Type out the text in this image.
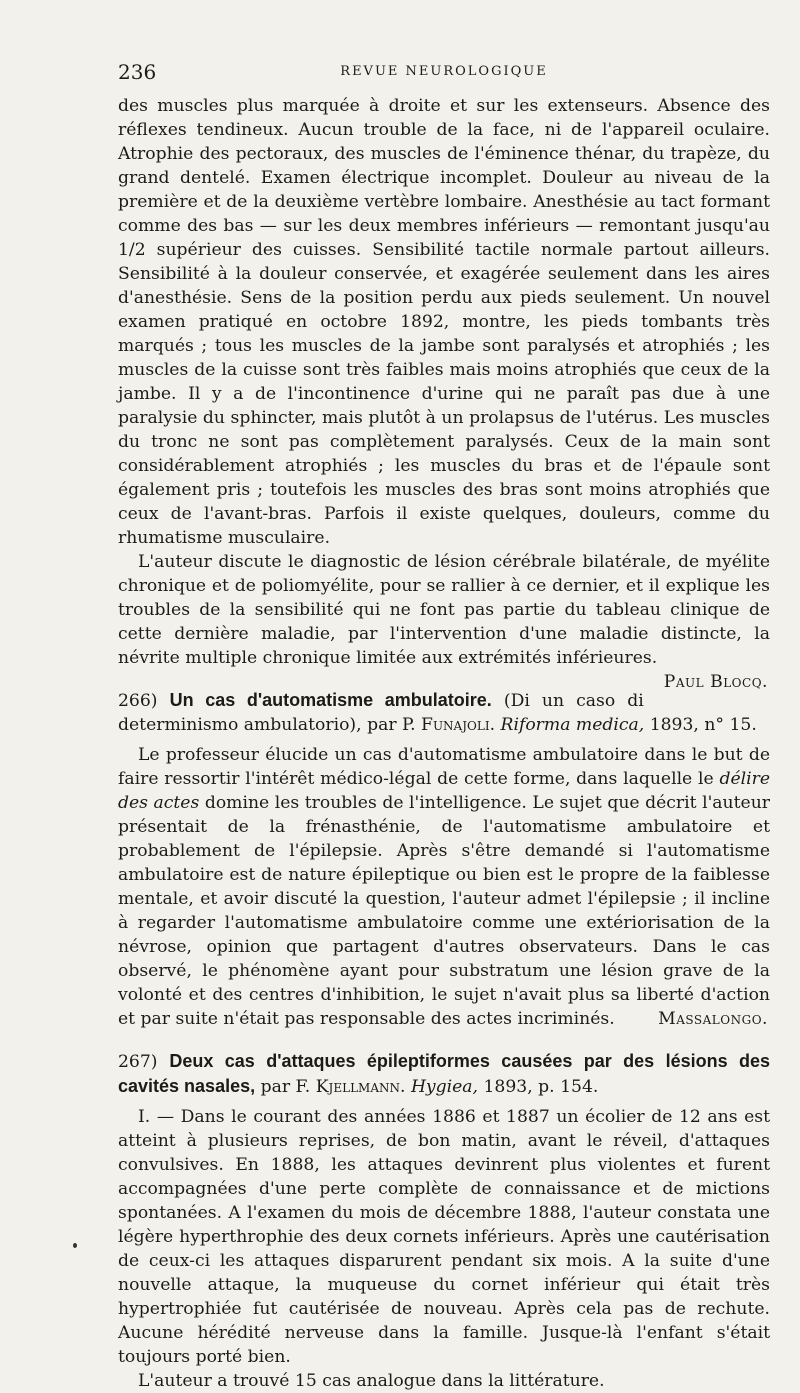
236	REVUE NEUROLOGIQUE

des muscles plus marquée à droite et sur les extenseurs. Absence des réflexes tendineux. Aucun trouble de la face, ni de l'appareil oculaire. Atrophie des pectoraux, des muscles de l'éminence thénar, du trapèze, du grand dentelé. Examen électrique incomplet. Douleur au niveau de la première et de la deuxième vertèbre lombaire. Anesthésie au tact formant comme des bas — sur les deux membres inférieurs — remontant jusqu'au 1/2 supérieur des cuisses. Sensibilité tactile normale partout ailleurs. Sensibilité à la douleur conservée, et exagérée seulement dans les aires d'anesthésie. Sens de la position perdu aux pieds seulement. Un nouvel examen pratiqué en octobre 1892, montre, les pieds tombants très marqués ; tous les muscles de la jambe sont paralysés et atrophiés ; les muscles de la cuisse sont très faibles mais moins atrophiés que ceux de la jambe. Il y a de l'incontinence d'urine qui ne paraît pas due à une paralysie du sphincter, mais plutôt à un prolapsus de l'utérus. Les muscles du tronc ne sont pas complètement paralysés. Ceux de la main sont considérablement atrophiés ; les muscles du bras et de l'épaule sont également pris ; toutefois les muscles des bras sont moins atrophiés que ceux de l'avant-bras. Parfois il existe quelques, douleurs, comme du rhumatisme musculaire.

L'auteur discute le diagnostic de lésion cérébrale bilatérale, de myélite chronique et de poliomyélite, pour se rallier à ce dernier, et il explique les troubles de la sensibilité qui ne font pas partie du tableau clinique de cette dernière maladie, par l'intervention d'une maladie distincte, la névrite multiple chronique limitée aux extrémités inférieures.
Paul Blocq.

266) Un cas d'automatisme ambulatoire. (Di un caso di determinismo ambulatorio), par P. Funajoli. Riforma medica, 1893, n° 15.

Le professeur élucide un cas d'automatisme ambulatoire dans le but de faire ressortir l'intérêt médico-légal de cette forme, dans laquelle le délire des actes domine les troubles de l'intelligence. Le sujet que décrit l'auteur présentait de la frénasthénie, de l'automatisme ambulatoire et probablement de l'épilepsie. Après s'être demandé si l'automatisme ambulatoire est de nature épileptique ou bien est le propre de la faiblesse mentale, et avoir discuté la question, l'auteur admet l'épilepsie ; il incline à regarder l'automatisme ambulatoire comme une extériorisation de la névrose, opinion que partagent d'autres observateurs. Dans le cas observé, le phénomène ayant pour substratum une lésion grave de la volonté et des centres d'inhibition, le sujet n'avait plus sa liberté d'action et par suite n'était pas responsable des actes incriminés.	Massalongo.

267) Deux cas d'attaques épileptiformes causées par des lésions des cavités nasales, par F. Kjellmann. Hygiea, 1893, p. 154.

I. — Dans le courant des années 1886 et 1887 un écolier de 12 ans est atteint à plusieurs reprises, de bon matin, avant le réveil, d'attaques convulsives. En 1888, les attaques devinrent plus violentes et furent accompagnées d'une perte complète de connaissance et de mictions spontanées. A l'examen du mois de décembre 1888, l'auteur constata une légère hyperthrophie des deux cornets inférieurs. Après une cautérisation de ceux-ci les attaques disparurent pendant six mois. A la suite d'une nouvelle attaque, la muqueuse du cornet inférieur qui était très hypertrophiée fut cautérisée de nouveau. Après cela pas de rechute. Aucune hérédité nerveuse dans la famille. Jusque-là l'enfant s'était toujours porté bien.

L'auteur a trouvé 15 cas analogue dans la littérature.
